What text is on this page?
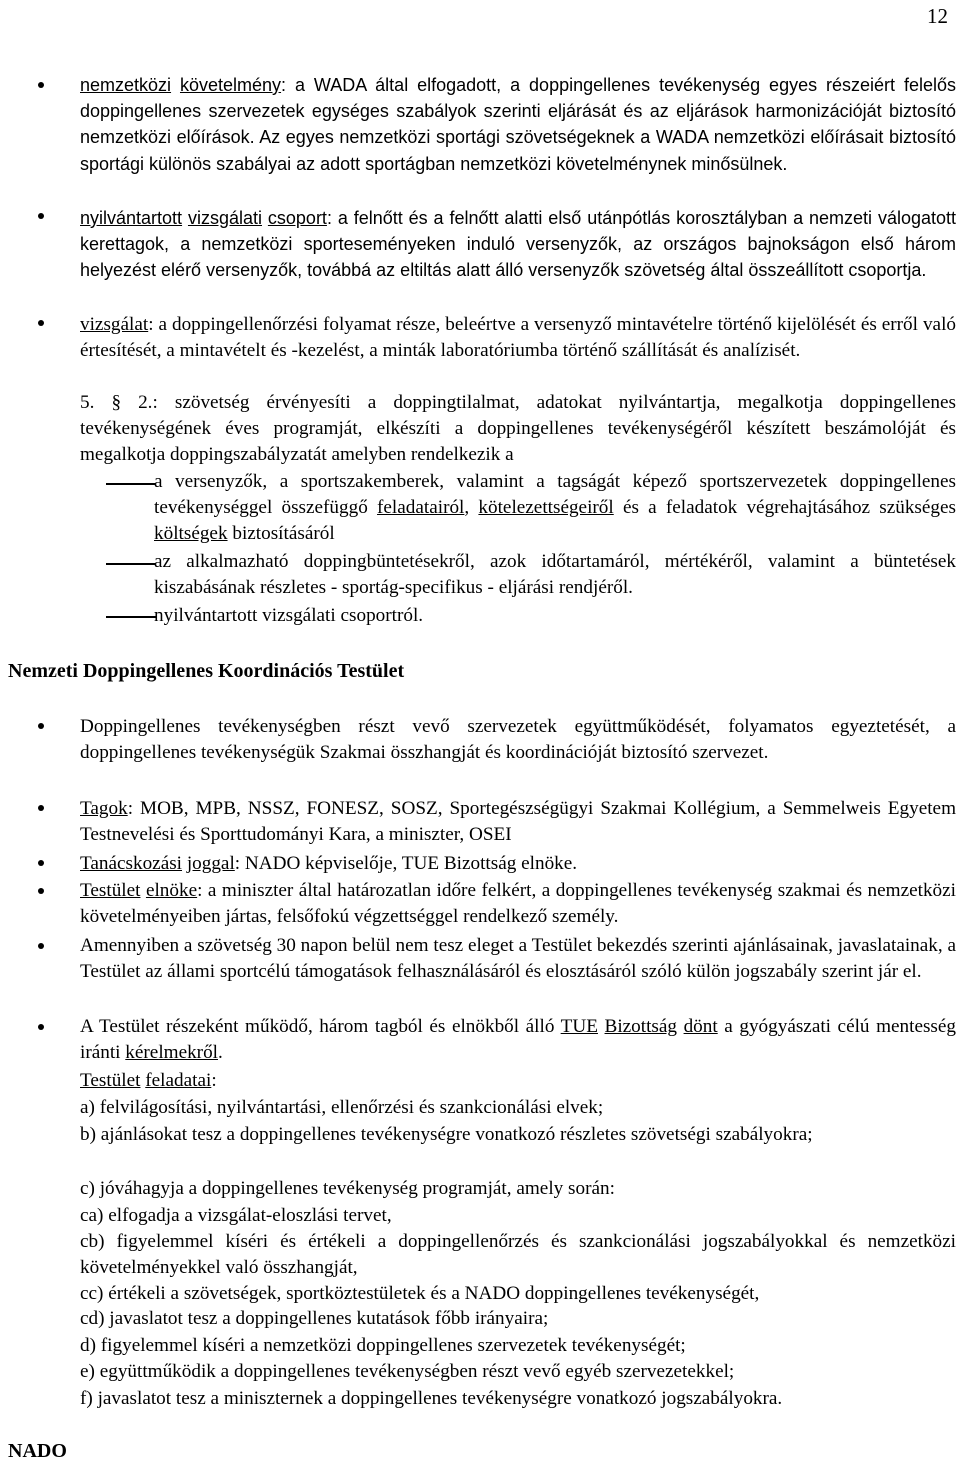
12
nemzetközi követelmény: a WADA által elfogadott, a doppingellenes tevékenység egyes részeiért felelős doppingellenes szervezetek egységes szabályok szerinti eljárását és az eljárások harmonizációját biztosító nemzetközi előírások. Az egyes nemzetközi sportági szövetségeknek a WADA nemzetközi előírásait biztosító sportági különös szabályai az adott sportágban nemzetközi követelménynek minősülnek.
nyilvántartott vizsgálati csoport: a felnőtt és a felnőtt alatti első utánpótlás korosztályban a nemzeti válogatott kerettagok, a nemzetközi sporteseményeken induló versenyzők, az országos bajnokságon első három helyezést elérő versenyzők, továbbá az eltiltás alatt álló versenyzők szövetség által összeállított csoportja.
vizsgálat: a doppingellenőrzési folyamat része, beleértve a versenyző mintavételre történő kijelölését és erről való értesítését, a mintavételt és -kezelést, a minták laboratóriumba történő szállítását és analízisét.
5. § 2.: szövetség érvényesíti a doppingtilalmat, adatokat nyilvántartja, megalkotja doppingellenes tevékenységének éves programját, elkészíti a doppingellenes tevékenységéről készített beszámolóját és megalkotja doppingszabályzatát amelyben rendelkezik a
a versenyzők, a sportszakemberek, valamint a tagságát képező sportszervezetek doppingellenes tevékenységgel összefüggő feladatairól, kötelezettségeiről és a feladatok végrehajtásához szükséges költségek biztosításáról
az alkalmazható doppingbüntetésekről, azok időtartamáról, mértékéről, valamint a büntetések kiszabásának részletes - sportág-specifikus - eljárási rendjéről.
nyilvántartott vizsgálati csoportról.
Nemzeti Doppingellenes Koordinációs Testület
Doppingellenes tevékenységben részt vevő szervezetek együttműködését, folyamatos egyeztetését, a doppingellenes tevékenységük Szakmai összhangját és koordinációját biztosító szervezet.
Tagok: MOB, MPB, NSSZ, FONESZ, SOSZ, Sportegészségügyi Szakmai Kollégium, a Semmelweis Egyetem Testnevelési és Sporttudományi Kara, a miniszter, OSEI
Tanácskozási joggal: NADO képviselője, TUE Bizottság elnöke.
Testület elnöke: a miniszter által határozatlan időre felkért, a doppingellenes tevékenység szakmai és nemzetközi követelményeiben jártas, felsőfokú végzettséggel rendelkező személy.
Amennyiben a szövetség 30 napon belül nem tesz eleget a Testület bekezdés szerinti ajánlásainak, javaslatainak, a Testület az állami sportcélú támogatások felhasználásáról és elosztásáról szóló külön jogszabály szerint jár el.
A Testület részeként működő, három tagból és elnökből álló TUE Bizottság dönt a gyógyászati célú mentesség iránti kérelmekről.
Testület feladatai:
a) felvilágosítási, nyilvántartási, ellenőrzési és szankcionálási elvek;
b) ajánlásokat tesz a doppingellenes tevékenységre vonatkozó részletes szövetségi szabályokra;
c) jóváhagyja a doppingellenes tevékenység programját, amely során:
ca) elfogadja a vizsgálat-eloszlási tervet,
cb) figyelemmel kíséri és értékeli a doppingellenőrzés és szankcionálási jogszabályokkal és nemzetközi követelményekkel való összhangját,
cc) értékeli a szövetségek, sportköztestületek és a NADO doppingellenes tevékenységét,
cd) javaslatot tesz a doppingellenes kutatások főbb irányaira;
d) figyelemmel kíséri a nemzetközi doppingellenes szervezetek tevékenységét;
e) együttműködik a doppingellenes tevékenységben részt vevő egyéb szervezetekkel;
f) javaslatot tesz a miniszternek a doppingellenes tevékenységre vonatkozó jogszabályokra.
NADO
